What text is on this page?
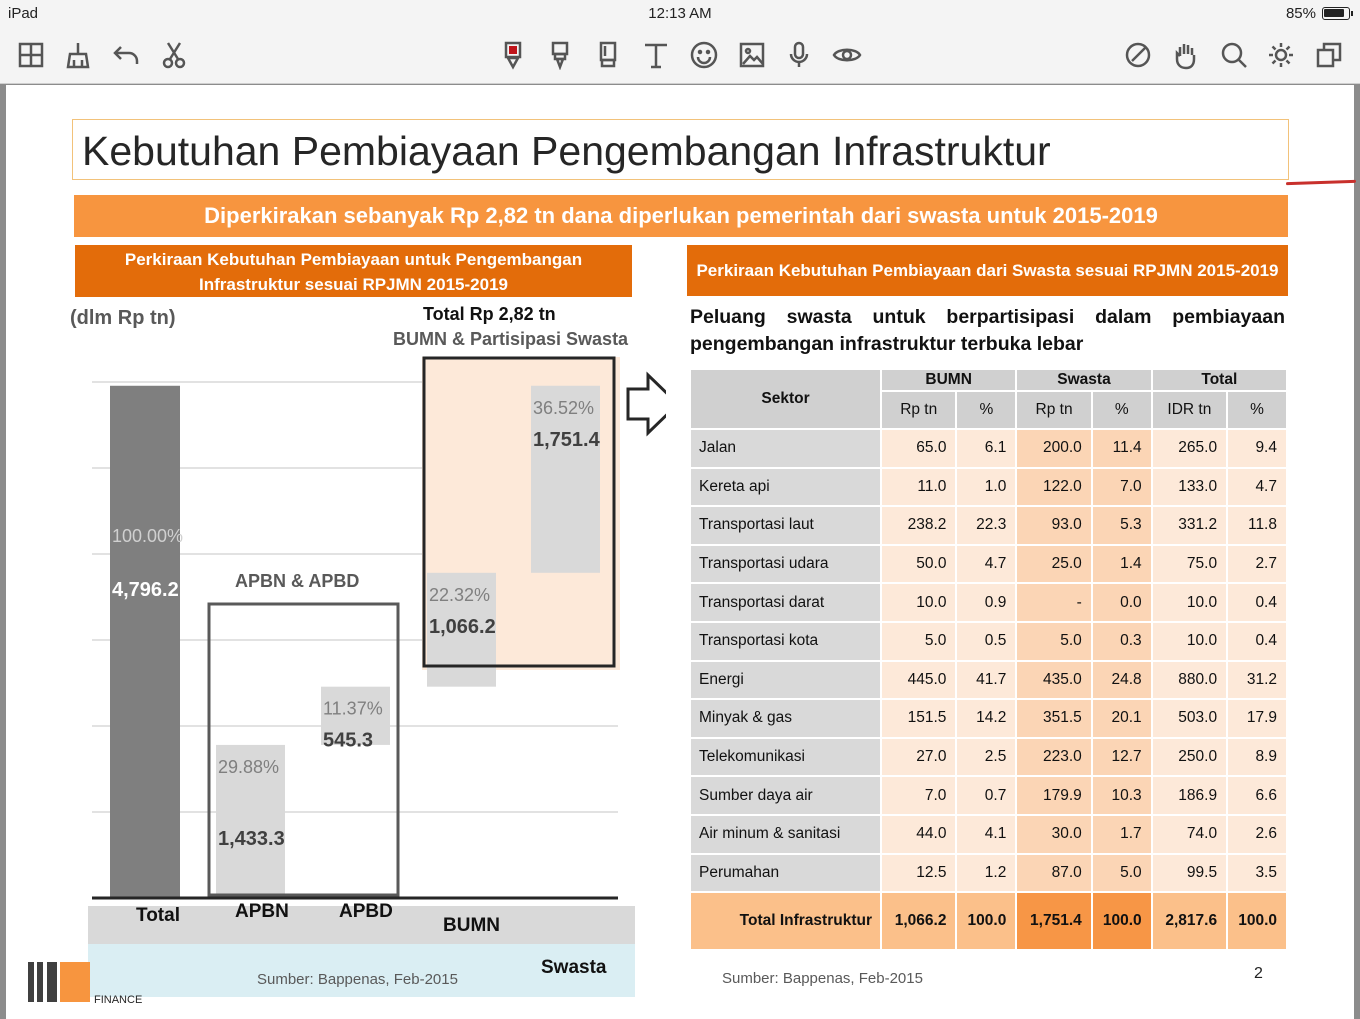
iPad	12:13 AM	85%
Kebutuhan Pembiayaan Pengembangan Infrastruktur
Diperkirakan sebanyak Rp 2,82 tn dana diperlukan pemerintah dari swasta untuk 2015-2019
Perkiraan Kebutuhan Pembiayaan untuk Pengembangan
Infrastruktur sesuai RPJMN 2015-2019
Perkiraan Kebutuhan Pembiayaan dari Swasta sesuai RPJMN 2015-2019
(dlm Rp tn)	Total Rp 2,82 tn
BUMN & Partisipasi Swasta
Total	APBN	APBD
BUMN
Swasta
100.00%
4,796.2
29.88%
1,433.3
11.37%
545.3
22.32%
1,066.2
36.52%
1,751.4
APBN & APBD
Sumber: Bappenas, Feb-2015
FINANCE
Peluang swasta untuk berpartisipasi dalam pembiayaan pengembangan infrastruktur terbuka lebar
Sektor	BUMN		Swasta		Total	
	Rp tn	%	Rp tn	%	IDR tn	%
Jalan	65.0	6.1	200.0	11.4	265.0	9.4
Kereta api	11.0	1.0	122.0	7.0	133.0	4.7
Transportasi laut	238.2	22.3	93.0	5.3	331.2	11.8
Transportasi udara	50.0	4.7	25.0	1.4	75.0	2.7
Transportasi darat	10.0	0.9	-	0.0	10.0	0.4
Transportasi kota	5.0	0.5	5.0	0.3	10.0	0.4
Energi	445.0	41.7	435.0	24.8	880.0	31.2
Minyak & gas	151.5	14.2	351.5	20.1	503.0	17.9
Telekomunikasi	27.0	2.5	223.0	12.7	250.0	8.9
Sumber daya air	7.0	0.7	179.9	10.3	186.9	6.6
Air minum & sanitasi	44.0	4.1	30.0	1.7	74.0	2.6
Perumahan	12.5	1.2	87.0	5.0	99.5	3.5
Total Infrastruktur	1,066.2	100.0	1,751.4	100.0	2,817.6	100.0
Sumber: Bappenas, Feb-2015	2
